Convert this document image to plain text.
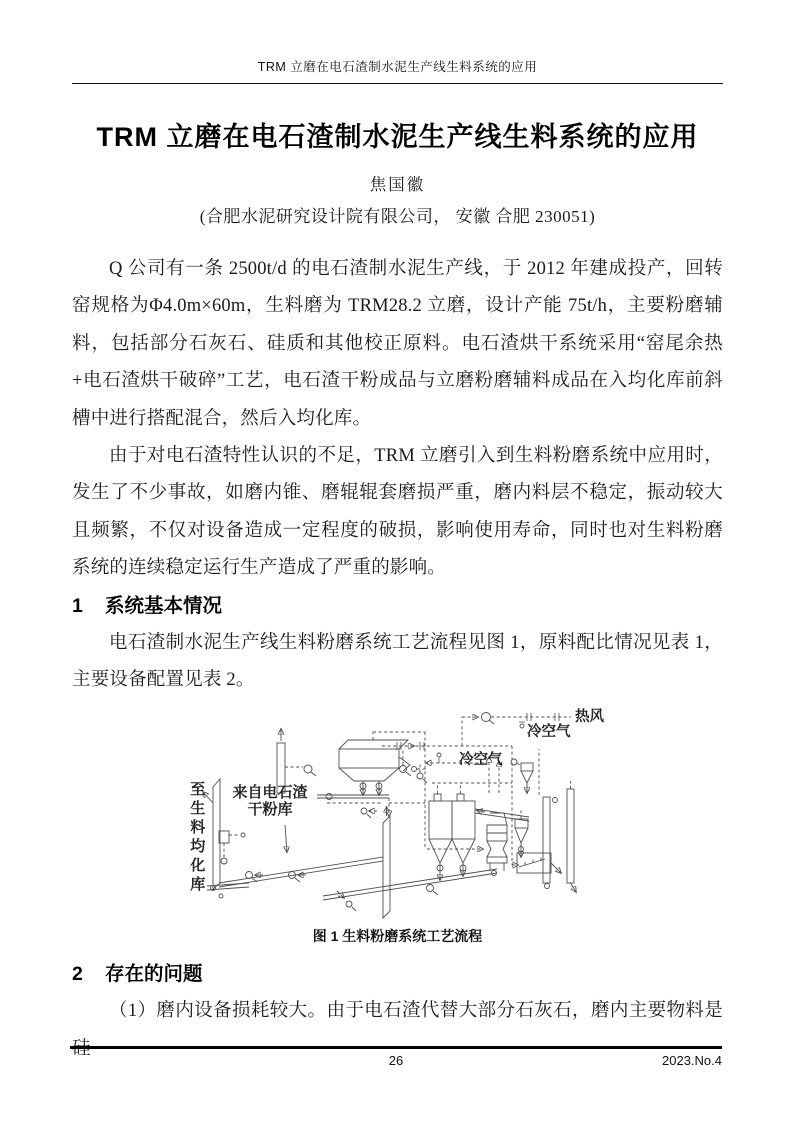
TRM 立磨在电石渣制水泥生产线生料系统的应用
TRM 立磨在电石渣制水泥生产线生料系统的应用
焦国徽
(合肥水泥研究设计院有限公司， 安徽 合肥 230051)

Q 公司有一条 2500t/d 的电石渣制水泥生产线，于 2012 年建成投产，回转窑规格为Φ4.0m×60m，生料磨为 TRM28.2 立磨，设计产能 75t/h，主要粉磨辅料，包括部分石灰石、硅质和其他校正原料。电石渣烘干系统采用“窑尾余热+电石渣烘干破碎”工艺，电石渣干粉成品与立磨粉磨辅料成品在入均化库前斜槽中进行搭配混合，然后入均化库。

由于对电石渣特性认识的不足，TRM 立磨引入到生料粉磨系统中应用时，发生了不少事故，如磨内锥、磨辊辊套磨损严重，磨内料层不稳定，振动较大且频繁，不仅对设备造成一定程度的破损，影响使用寿命，同时也对生料粉磨系统的连续稳定运行生产造成了严重的影响。

1 系统基本情况

电石渣制水泥生产线生料粉磨系统工艺流程见图 1，原料配比情况见表 1，主要设备配置见表 2。

至生料均化库	来自电石渣干粉库
热风
冷空气
冷空气
图 1 生料粉磨系统工艺流程
2 存在的问题

（1）磨内设备损耗较大。由于电石渣代替大部分石灰石，磨内主要物料是硅

26	2023.No.4
